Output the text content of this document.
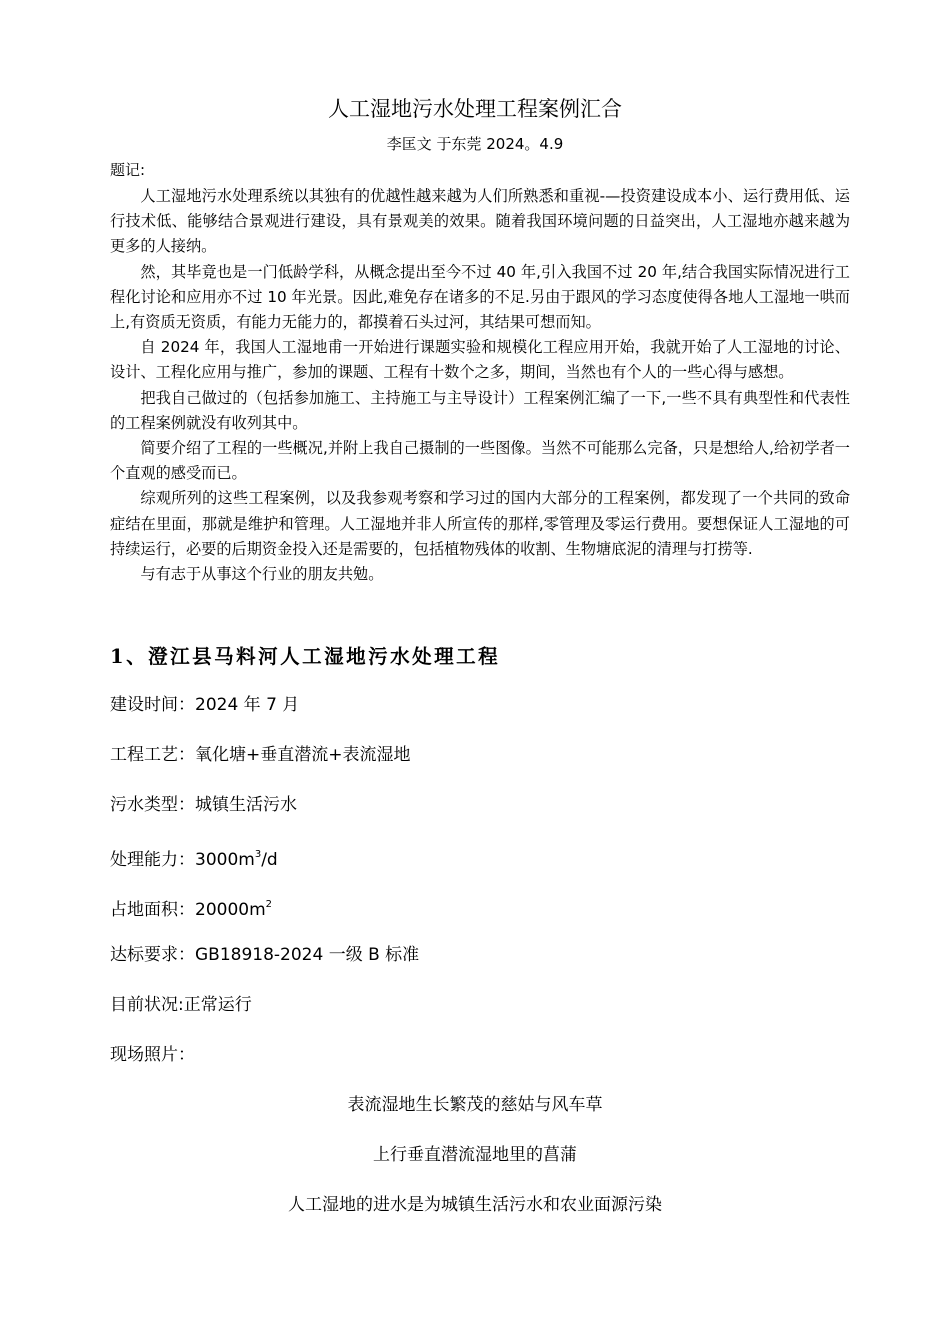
人工湿地污水处理工程案例汇合
李匡文 于东莞 2024。4.9
题记:

人工湿地污水处理系统以其独有的优越性越来越为人们所熟悉和重视-—投资建设成本小、运行费用低、运行技术低、能够结合景观进行建设，具有景观美的效果。随着我国环境问题的日益突出，人工湿地亦越来越为更多的人接纳。

然，其毕竟也是一门低龄学科，从概念提出至今不过 40 年,引入我国不过 20 年,结合我国实际情况进行工程化讨论和应用亦不过 10 年光景。因此,难免存在诸多的不足.另由于跟风的学习态度使得各地人工湿地一哄而上,有资质无资质，有能力无能力的，都摸着石头过河，其结果可想而知。

自 2024 年，我国人工湿地甫一开始进行课题实验和规模化工程应用开始，我就开始了人工湿地的讨论、设计、工程化应用与推广，参加的课题、工程有十数个之多，期间，当然也有个人的一些心得与感想。

把我自己做过的（包括参加施工、主持施工与主导设计）工程案例汇编了一下,一些不具有典型性和代表性的工程案例就没有收列其中。

简要介绍了工程的一些概况,并附上我自己摄制的一些图像。当然不可能那么完备，只是想给人,给初学者一个直观的感受而已。

综观所列的这些工程案例，以及我参观考察和学习过的国内大部分的工程案例，都发现了一个共同的致命症结在里面，那就是维护和管理。人工湿地并非人所宣传的那样,零管理及零运行费用。要想保证人工湿地的可持续运行，必要的后期资金投入还是需要的，包括植物残体的收割、生物塘底泥的清理与打捞等.

与有志于从事这个行业的朋友共勉。

1、澄江县马料河人工湿地污水处理工程
建设时间：2024 年 7 月
工程工艺：氧化塘+垂直潜流+表流湿地
污水类型：城镇生活污水
处理能力：$3000m^3/d$
占地面积：$20000m^2$
达标要求：GB18918-2024 一级 B 标准
目前状况:正常运行
现场照片：
表流湿地生长繁茂的慈姑与风车草
上行垂直潜流湿地里的菖蒲
人工湿地的进水是为城镇生活污水和农业面源污染
